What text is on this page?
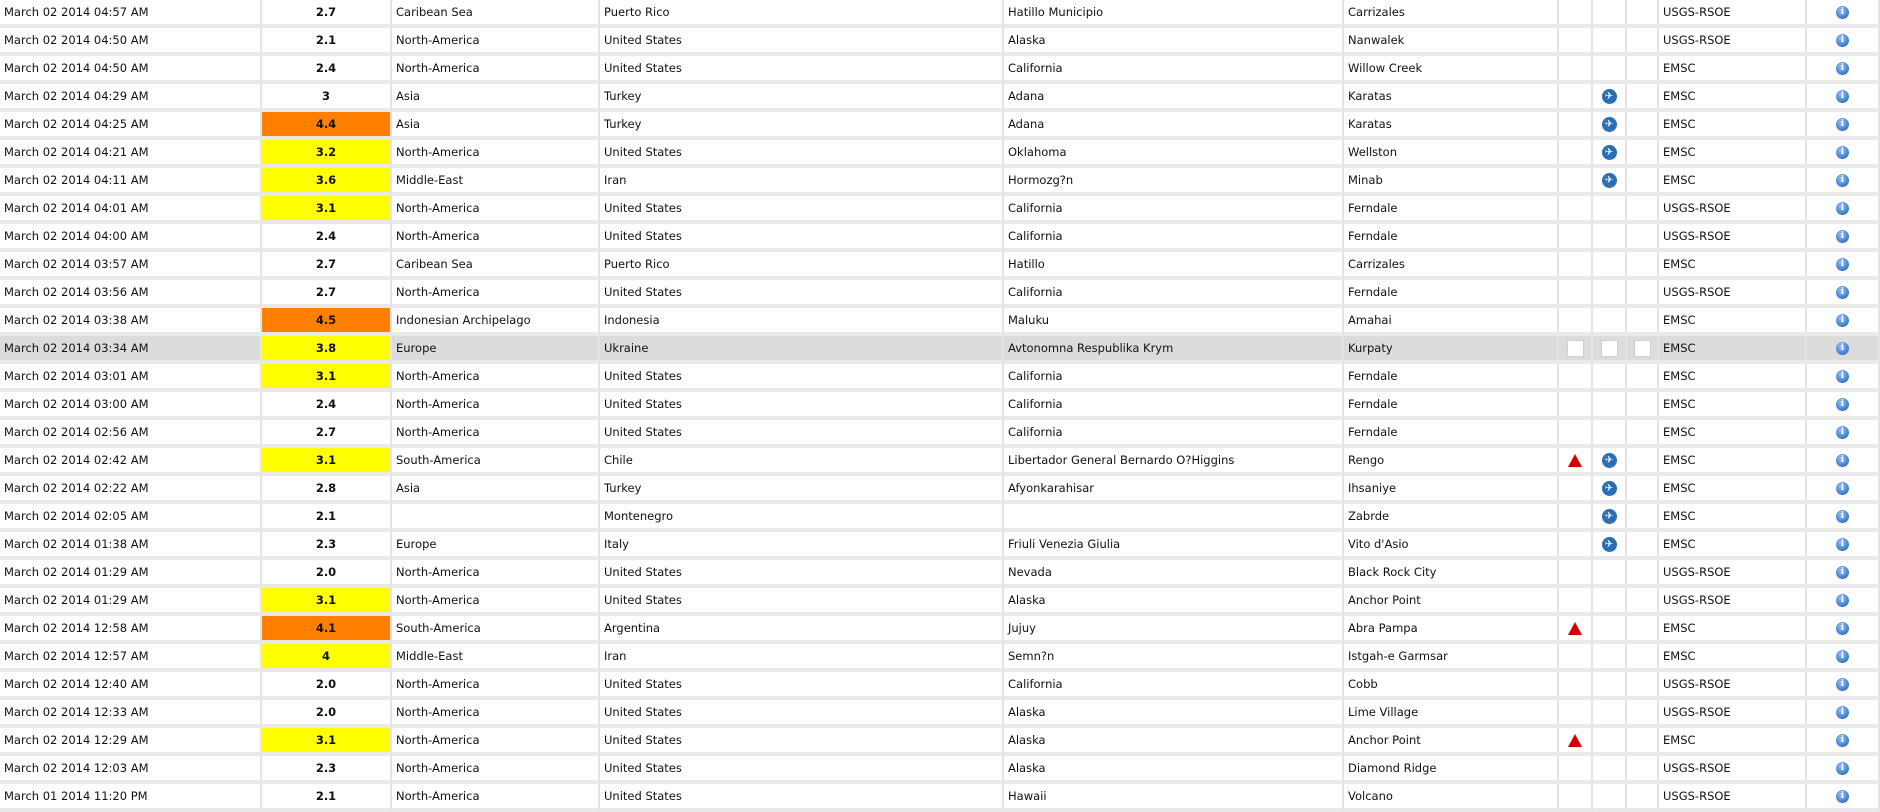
March 02 2014 04:57 AM	2.7	Caribean Sea	Puerto Rico	Hatillo Municipio	Carrizales				USGS-RSOE	i
March 02 2014 04:50 AM	2.1	North-America	United States	Alaska	Nanwalek				USGS-RSOE	i
March 02 2014 04:50 AM	2.4	North-America	United States	California	Willow Creek				EMSC	i
March 02 2014 04:29 AM	3	Asia	Turkey	Adana	Karatas		✈		EMSC	i
March 02 2014 04:25 AM	4.4	Asia	Turkey	Adana	Karatas		✈		EMSC	i
March 02 2014 04:21 AM	3.2	North-America	United States	Oklahoma	Wellston		✈		EMSC	i
March 02 2014 04:11 AM	3.6	Middle-East	Iran	Hormozg?n	Minab		✈		EMSC	i
March 02 2014 04:01 AM	3.1	North-America	United States	California	Ferndale				USGS-RSOE	i
March 02 2014 04:00 AM	2.4	North-America	United States	California	Ferndale				USGS-RSOE	i
March 02 2014 03:57 AM	2.7	Caribean Sea	Puerto Rico	Hatillo	Carrizales				EMSC	i
March 02 2014 03:56 AM	2.7	North-America	United States	California	Ferndale				USGS-RSOE	i
March 02 2014 03:38 AM	4.5	Indonesian Archipelago	Indonesia	Maluku	Amahai				EMSC	i
March 02 2014 03:34 AM	3.8	Europe	Ukraine	Avtonomna Respublika Krym	Kurpaty				EMSC	i
March 02 2014 03:01 AM	3.1	North-America	United States	California	Ferndale				EMSC	i
March 02 2014 03:00 AM	2.4	North-America	United States	California	Ferndale				EMSC	i
March 02 2014 02:56 AM	2.7	North-America	United States	California	Ferndale				EMSC	i
March 02 2014 02:42 AM	3.1	South-America	Chile	Libertador General Bernardo O?Higgins	Rengo		✈		EMSC	i
March 02 2014 02:22 AM	2.8	Asia	Turkey	Afyonkarahisar	Ihsaniye		✈		EMSC	i
March 02 2014 02:05 AM	2.1		Montenegro		Zabrde		✈		EMSC	i
March 02 2014 01:38 AM	2.3	Europe	Italy	Friuli Venezia Giulia	Vito d'Asio		✈		EMSC	i
March 02 2014 01:29 AM	2.0	North-America	United States	Nevada	Black Rock City				USGS-RSOE	i
March 02 2014 01:29 AM	3.1	North-America	United States	Alaska	Anchor Point				USGS-RSOE	i
March 02 2014 12:58 AM	4.1	South-America	Argentina	Jujuy	Abra Pampa				EMSC	i
March 02 2014 12:57 AM	4	Middle-East	Iran	Semn?n	Istgah-e Garmsar				EMSC	i
March 02 2014 12:40 AM	2.0	North-America	United States	California	Cobb				USGS-RSOE	i
March 02 2014 12:33 AM	2.0	North-America	United States	Alaska	Lime Village				USGS-RSOE	i
March 02 2014 12:29 AM	3.1	North-America	United States	Alaska	Anchor Point				EMSC	i
March 02 2014 12:03 AM	2.3	North-America	United States	Alaska	Diamond Ridge				USGS-RSOE	i
March 01 2014 11:20 PM	2.1	North-America	United States	Hawaii	Volcano				USGS-RSOE	i
